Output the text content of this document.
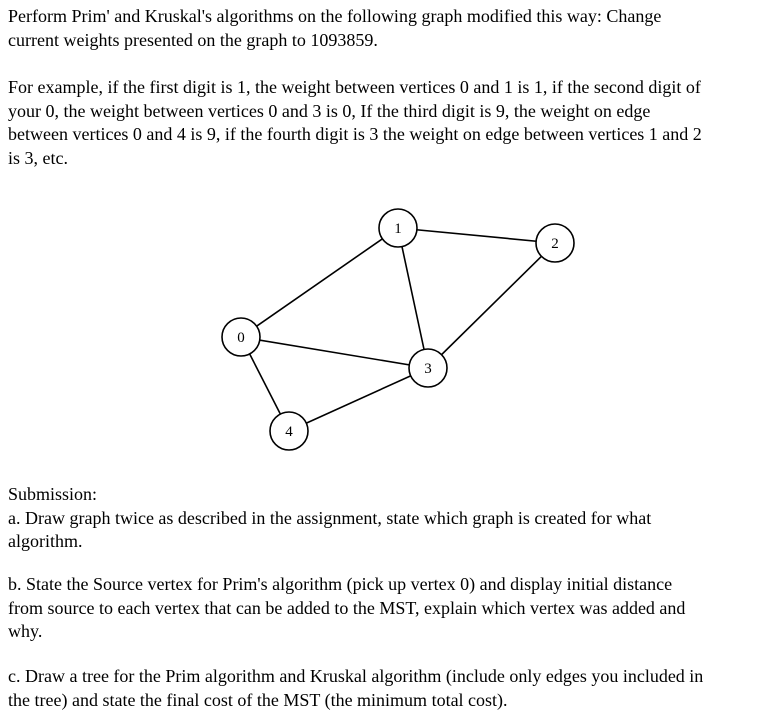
Perform Prim' and Kruskal's algorithms on the following graph modified this way: Change
current weights presented on the graph to 1093859.

For example, if the first digit is 1, the weight between vertices 0 and 1 is 1, if the second digit of
your 0, the weight between vertices 0 and 3 is 0, If the third digit is 9, the weight on edge
between vertices 0 and 4 is 9, if the fourth digit is 3 the weight on edge between vertices 1 and 2
is 3, etc.

0
1
2
3
4

Submission:
a. Draw graph twice as described in the assignment, state which graph is created for what
algorithm.

b. State the Source vertex for Prim's algorithm (pick up vertex 0) and display initial distance
from source to each vertex that can be added to the MST, explain which vertex was added and
why.

c. Draw a tree for the Prim algorithm and Kruskal algorithm (include only edges you included in
the tree) and state the final cost of the MST (the minimum total cost).
